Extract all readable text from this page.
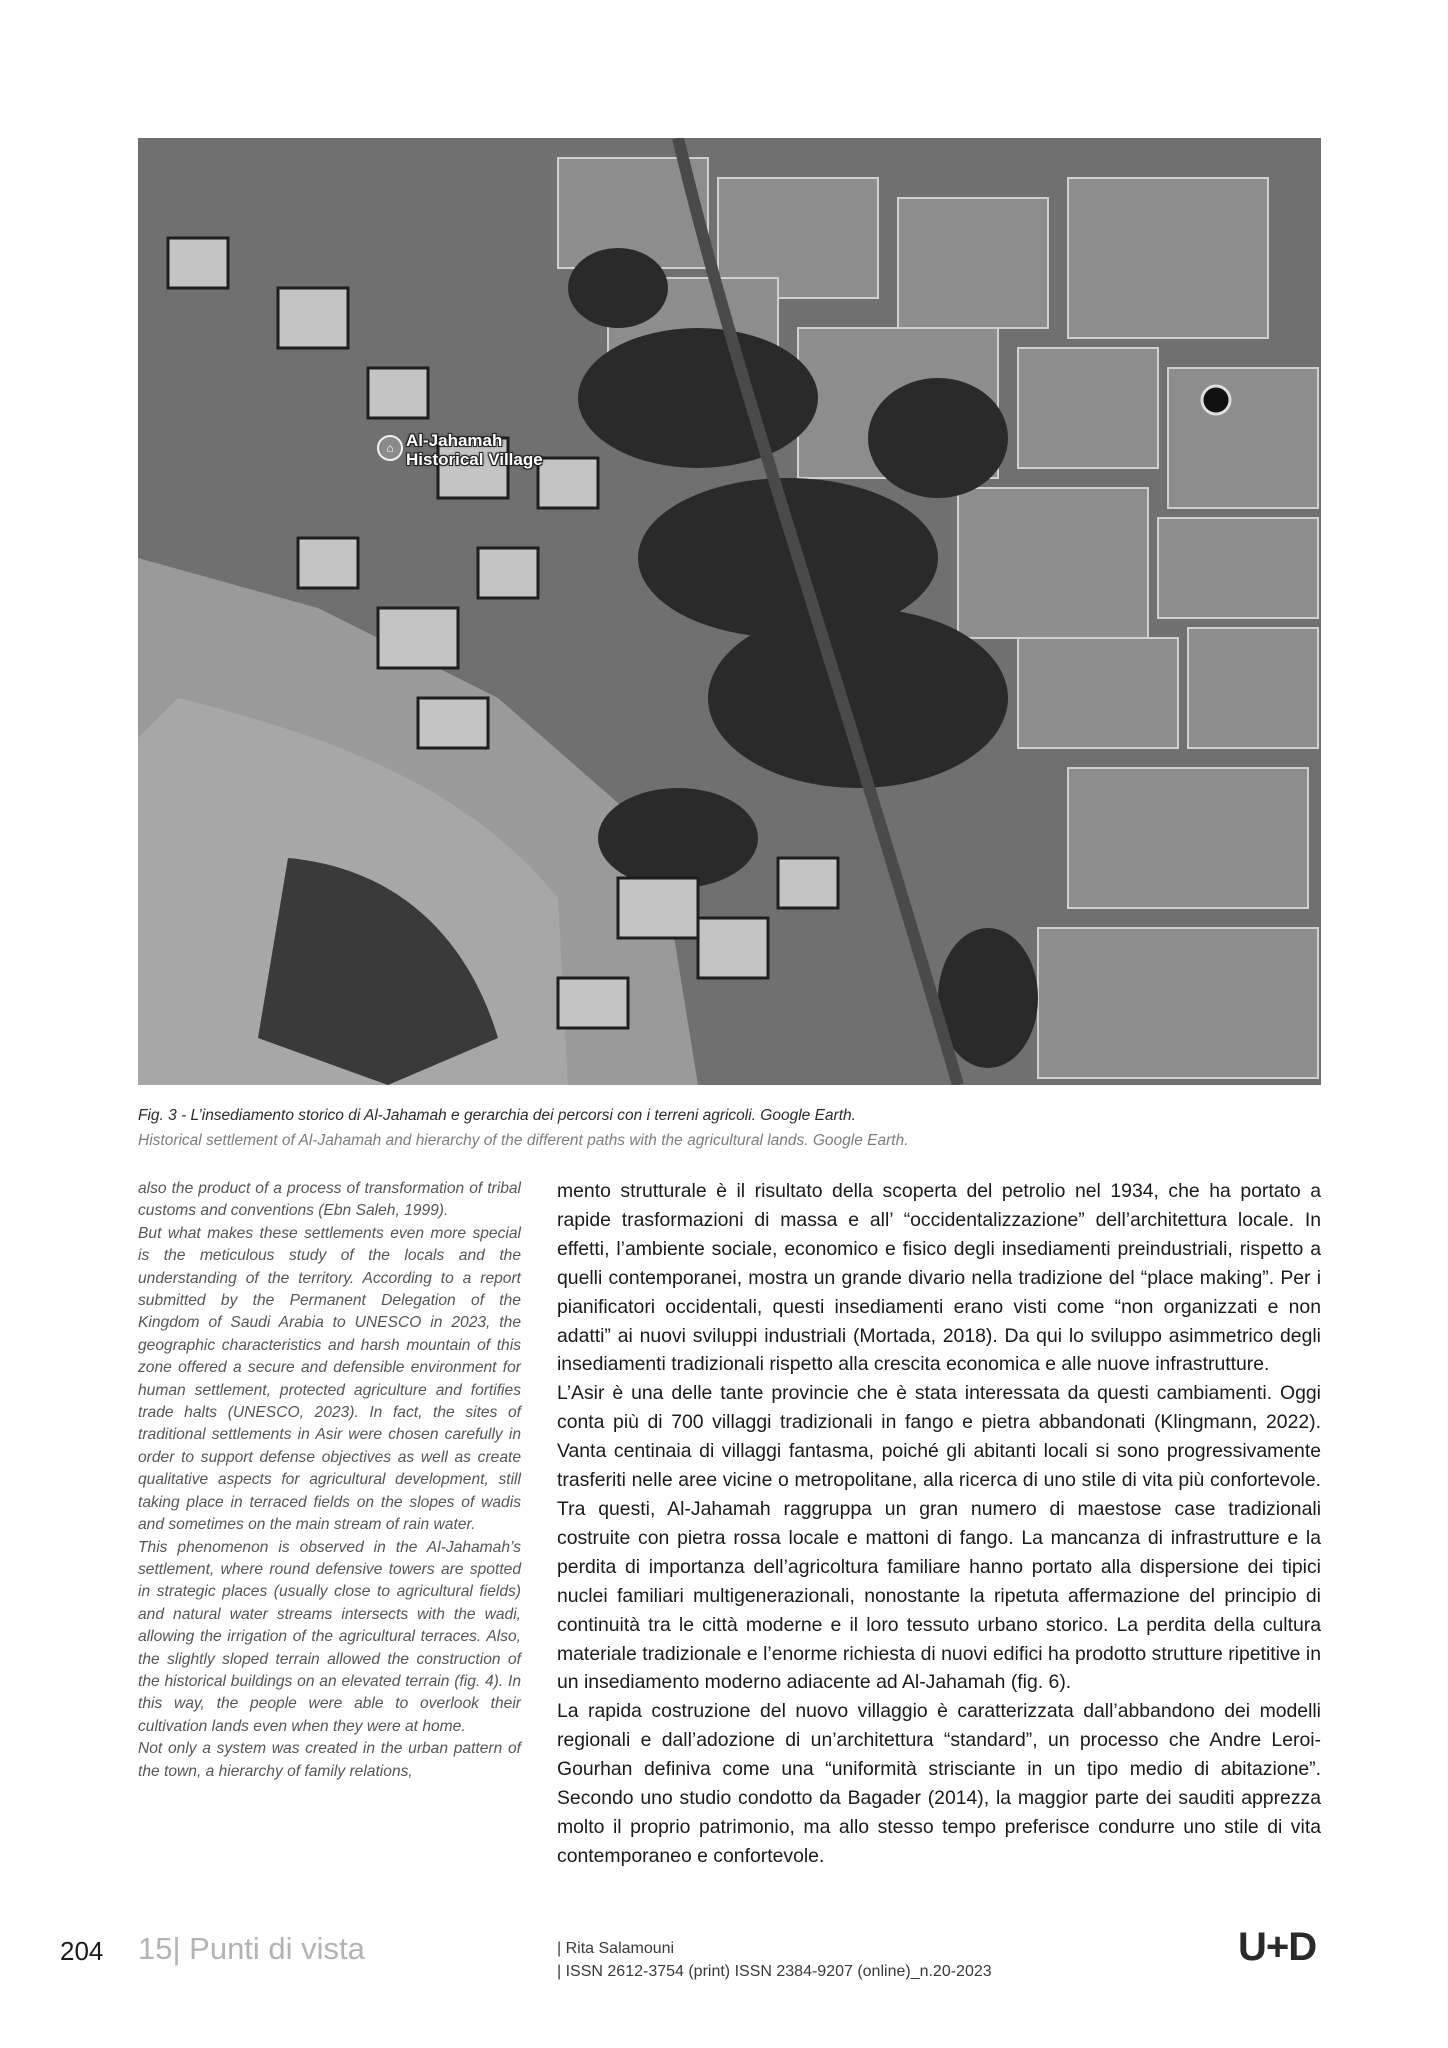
⌂ Al-Jahamah
Historical Village
Fig. 3 - L’insediamento storico di Al-Jahamah e gerarchia dei percorsi con i terreni agricoli. Google Earth.
Historical settlement of Al-Jahamah and hierarchy of the different paths with the agricultural lands. Google Earth.

also the product of a process of transformation of tribal customs and conventions (Ebn Saleh, 1999).

But what makes these settlements even more special is the meticulous study of the locals and the understanding of the territory. According to a report submitted by the Permanent Delegation of the Kingdom of Saudi Arabia to UNESCO in 2023, the geographic characteristics and harsh mountain of this zone offered a secure and defensible environment for human settlement, protected agriculture and fortifies trade halts (UNESCO, 2023). In fact, the sites of traditional settlements in Asir were chosen carefully in order to support defense objectives as well as create qualitative aspects for agricultural development, still taking place in terraced fields on the slopes of wadis and sometimes on the main stream of rain water.

This phenomenon is observed in the Al-Jahamah’s settlement, where round defensive towers are spotted in strategic places (usually close to agricultural fields) and natural water streams intersects with the wadi, allowing the irrigation of the agricultural terraces. Also, the slightly sloped terrain allowed the construction of the historical buildings on an elevated terrain (fig. 4). In this way, the people were able to overlook their cultivation lands even when they were at home.

Not only a system was created in the urban pattern of the town, a hierarchy of family relations,

mento strutturale è il risultato della scoperta del petrolio nel 1934, che ha portato a rapide trasformazioni di massa e all’ “occidentalizzazione” dell’architettura locale. In effetti, l’ambiente sociale, economico e fisico degli insediamenti preindustriali, rispetto a quelli contemporanei, mostra un grande divario nella tradizione del “place making”. Per i pianificatori occidentali, questi insediamenti erano visti come “non organizzati e non adatti” ai nuovi sviluppi industriali (Mortada, 2018). Da qui lo sviluppo asimmetrico degli insediamenti tradizionali rispetto alla crescita economica e alle nuove infrastrutture.

L’Asir è una delle tante provincie che è stata interessata da questi cambiamenti. Oggi conta più di 700 villaggi tradizionali in fango e pietra abbandonati (Klingmann, 2022). Vanta centinaia di villaggi fantasma, poiché gli abitanti locali si sono progressivamente trasferiti nelle aree vicine o metropolitane, alla ricerca di uno stile di vita più confortevole. Tra questi, Al-Jahamah raggruppa un gran numero di maestose case tradizionali costruite con pietra rossa locale e mattoni di fango. La mancanza di infrastrutture e la perdita di importanza dell’agricoltura familiare hanno portato alla dispersione dei tipici nuclei familiari multigenerazionali, nonostante la ripetuta affermazione del principio di continuità tra le città moderne e il loro tessuto urbano storico. La perdita della cultura materiale tradizionale e l’enorme richiesta di nuovi edifici ha prodotto strutture ripetitive in un insediamento moderno adiacente ad Al-Jahamah (fig. 6).

La rapida costruzione del nuovo villaggio è caratterizzata dall’abbandono dei modelli regionali e dall’adozione di un’architettura “standard”, un processo che Andre Leroi-Gourhan definiva come una “uniformità strisciante in un tipo medio di abitazione”. Secondo uno studio condotto da Bagader (2014), la maggior parte dei sauditi apprezza molto il proprio patrimonio, ma allo stesso tempo preferisce condurre uno stile di vita contemporaneo e confortevole.

204 15| Punti di vista	| Rita Salamouni
| ISSN 2612-3754 (print) ISSN 2384-9207 (online)_n.20-2023
U+D
